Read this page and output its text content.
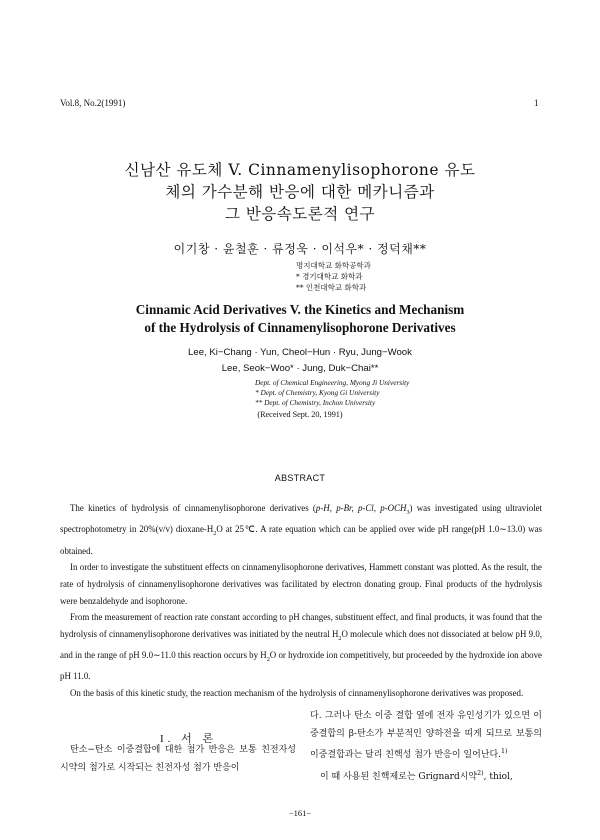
Vol.8, No.2(1991)	1
신남산 유도체 V. Cinnamenylisophorone 유도
체의 가수분해 반응에 대한 메카니즘과
그 반응속도론적 연구
이기창 · 윤철훈 · 류정욱 · 이석우* · 정덕채**
명지대학교 화학공학과
* 경기대학교 화학과
** 인천대학교 화학과
Cinnamic Acid Derivatives V. the Kinetics and Mechanism
of the Hydrolysis of Cinnamenylisophorone Derivatives
Lee, Ki−Chang · Yun, Cheol−Hun · Ryu, Jung−Wook
Lee, Seok−Woo* · Jung, Duk−Chai**
Dept. of Chemical Engineering, Myong Ji University
* Dept. of Chemistry, Kyong Gi University
** Dept. of Chemistry, Inchon University
(Received Sept. 20, 1991)
ABSTRACT

The kinetics of hydrolysis of cinnamenylisophorone derivatives (p-H, p-Br, p-Cl, $p-OCH_3$) was investigated using ultraviolet spectrophotometry in 20%(v/v) dioxane-$H_2O$ at 25℃. A rate equation which can be applied over wide pH range(pH 1.0∼13.0) was obtained.

In order to investigate the substituent effects on cinnamenylisophorone derivatives, Hammett constant was plotted. As the result, the rate of hydrolysis of cinnamenylisophorone derivatives was facilitated by electron donating group. Final products of the hydrolysis were benzaldehyde and isophorone.

From the measurement of reaction rate constant according to pH changes, substituent effect, and final products, it was found that the hydrolysis of cinnamenylisophorone derivatives was initiated by the neutral $H_2O$ molecule which does not dissociated at below pH 9.0, and in the range of pH 9.0∼11.0 this reaction occurs by $H_2O$ or hydroxide ion competitively, but proceeded by the hydroxide ion above pH 11.0.

On the basis of this kinetic study, the reaction mechanism of the hydrolysis of cinnamenylisophorone derivatives was proposed.

I. 서 론

탄소−탄소 이중결합에 대한 첨가 반응은 보통 친전자성 시약의 첨가로 시작되는 친전자성 첨가 반응이

다. 그러나 탄소 이중 결합 옆에 전자 유인성기가 있으면 이중결합의 β-탄소가 부분적인 양하전을 띠게 되므로 보통의 이중결합과는 달리 친핵성 첨가 반응이 일어난다.$^{1)}$

이 때 사용된 친핵제로는 Grignard시약$^{2)}$, thiol,

−161−
